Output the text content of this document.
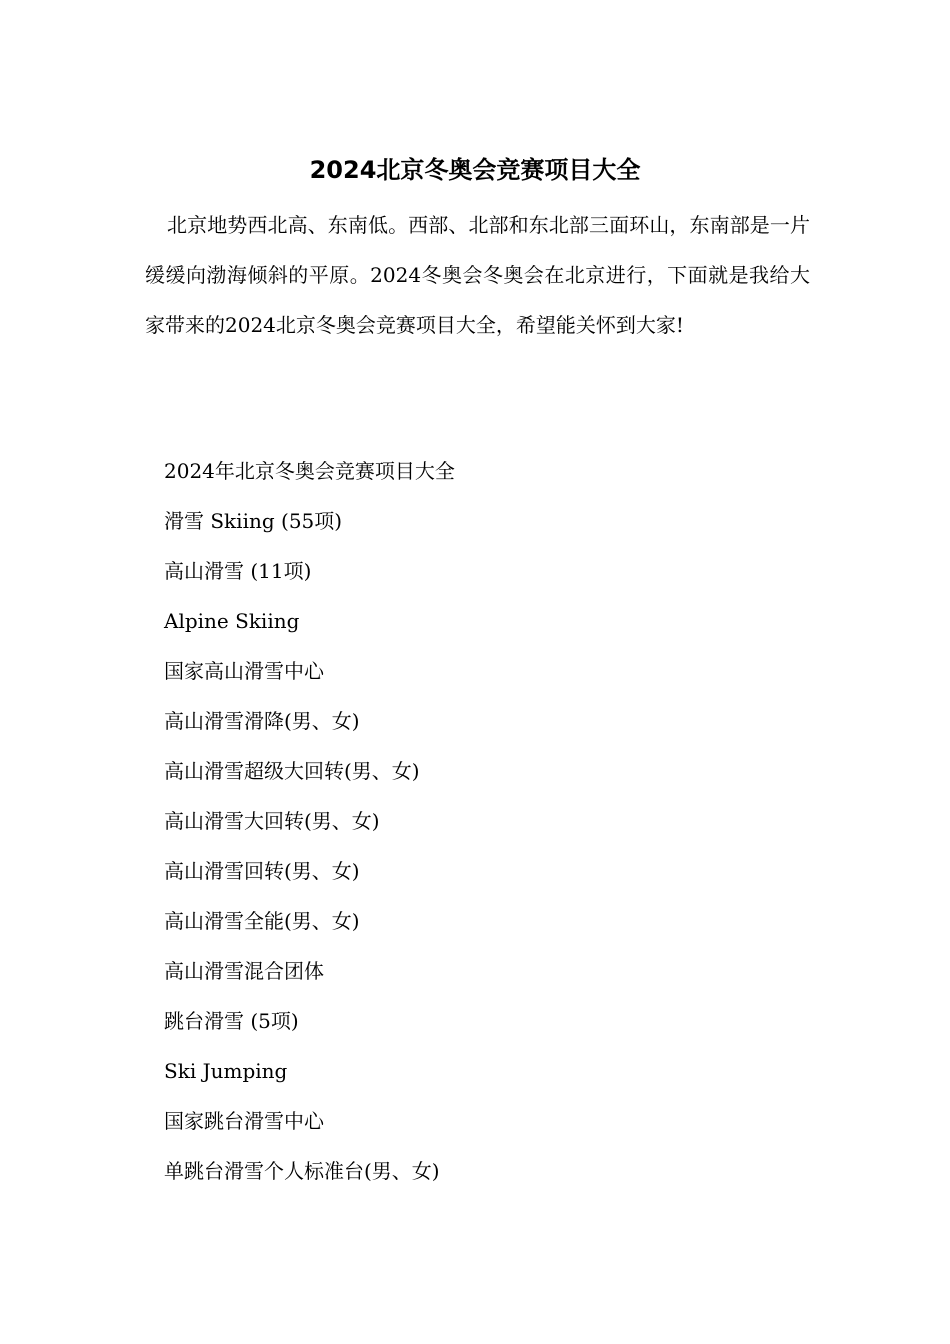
2024北京冬奥会竞赛项目大全

北京地势西北高、东南低。西部、北部和东北部三面环山，东南部是一片缓缓向渤海倾斜的平原。2024冬奥会冬奥会在北京进行，下面就是我给大家带来的2024北京冬奥会竞赛项目大全，希望能关怀到大家!

2024年北京冬奥会竞赛项目大全
滑雪 Skiing (55项)
高山滑雪 (11项)
Alpine Skiing
国家高山滑雪中心
高山滑雪滑降(男、女)
高山滑雪超级大回转(男、女)
高山滑雪大回转(男、女)
高山滑雪回转(男、女)
高山滑雪全能(男、女)
高山滑雪混合团体
跳台滑雪 (5项)
Ski Jumping
国家跳台滑雪中心
单跳台滑雪个人标准台(男、女)
